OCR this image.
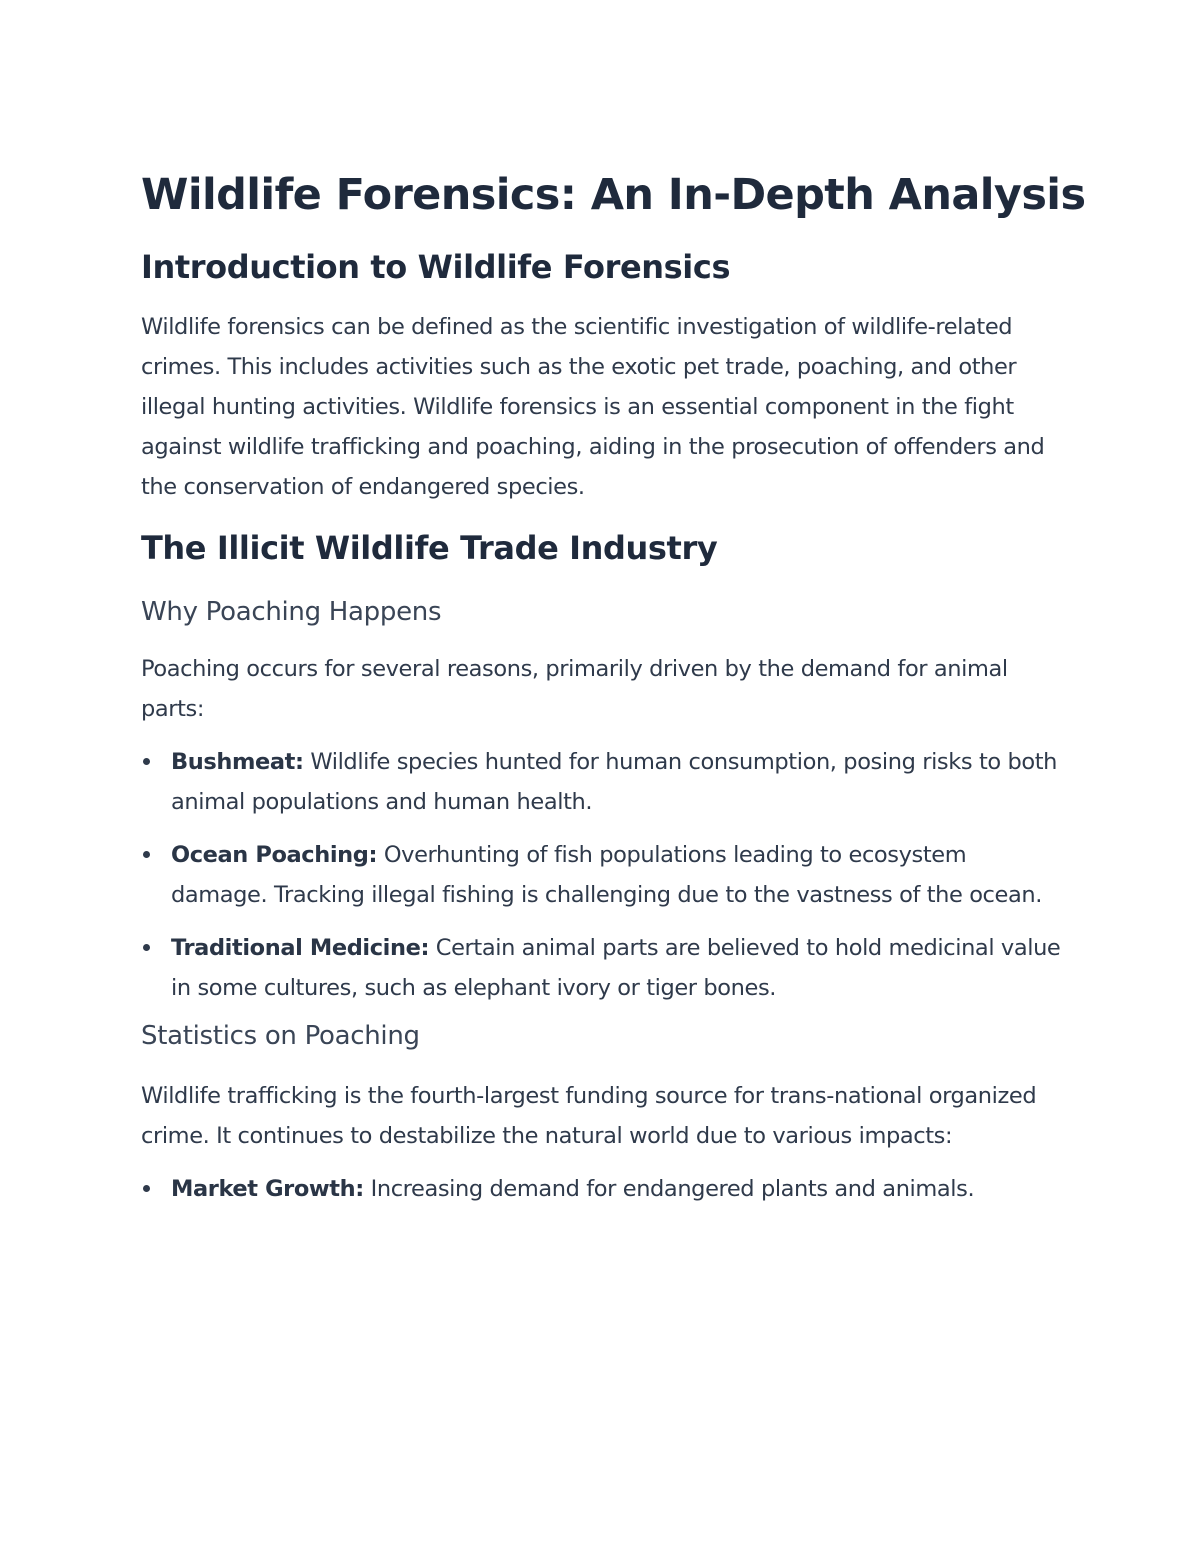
Wildlife Forensics: An In-Depth Analysis
Introduction to Wildlife Forensics

Wildlife forensics can be defined as the scientific investigation of wildlife-related crimes. This includes activities such as the exotic pet trade, poaching, and other illegal hunting activities. Wildlife forensics is an essential component in the fight against wildlife trafficking and poaching, aiding in the prosecution of offenders and the conservation of endangered species.

The Illicit Wildlife Trade Industry
Why Poaching Happens

Poaching occurs for several reasons, primarily driven by the demand for animal parts:

Bushmeat: Wildlife species hunted for human consumption, posing risks to both animal populations and human health.
Ocean Poaching: Overhunting of fish populations leading to ecosystem damage. Tracking illegal fishing is challenging due to the vastness of the ocean.
Traditional Medicine: Certain animal parts are believed to hold medicinal value in some cultures, such as elephant ivory or tiger bones.
Statistics on Poaching

Wildlife trafficking is the fourth-largest funding source for trans-national organized crime. It continues to destabilize the natural world due to various impacts:

Market Growth: Increasing demand for endangered plants and animals.
